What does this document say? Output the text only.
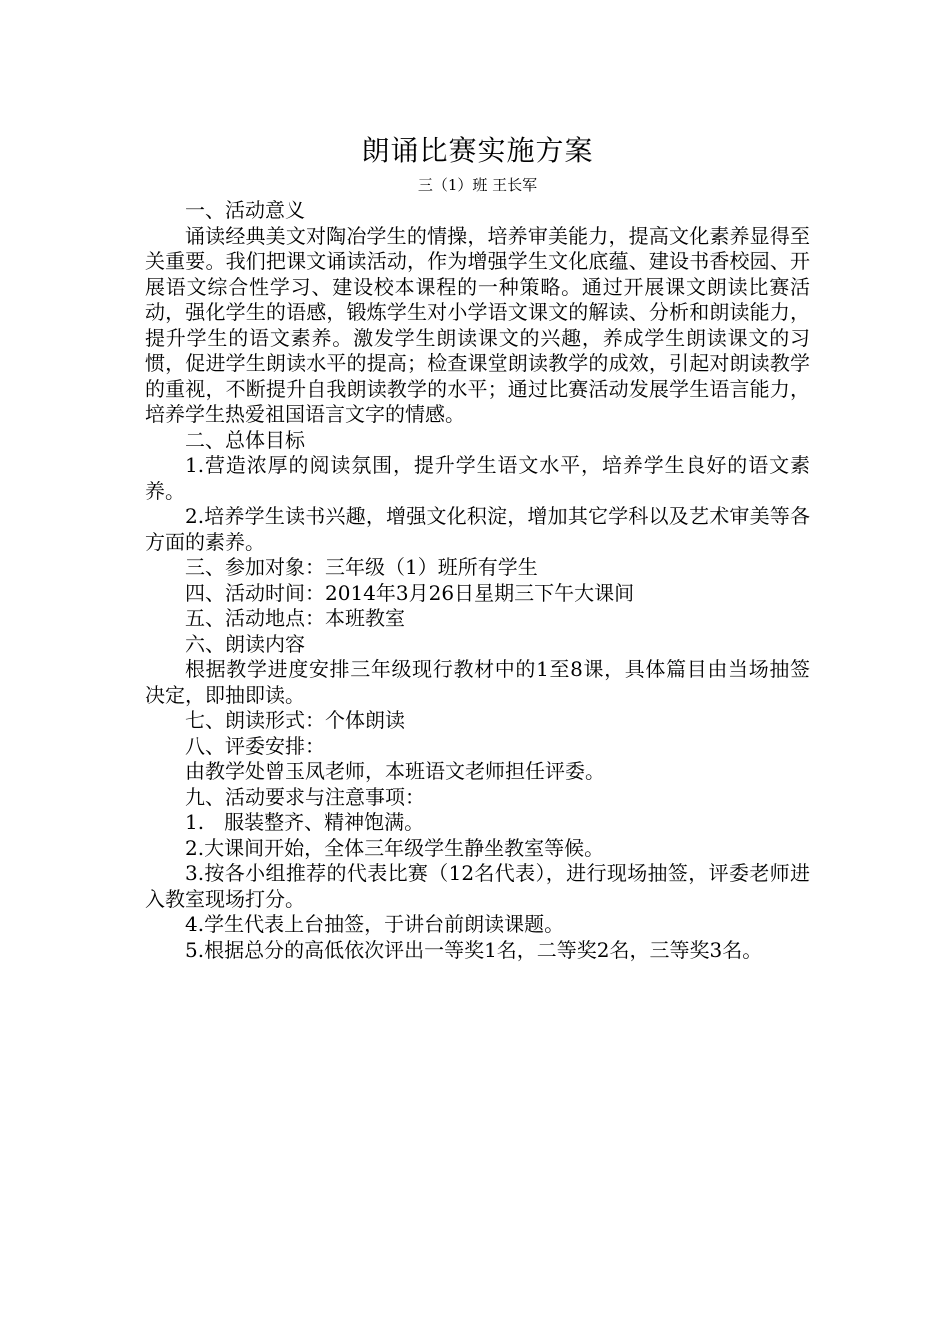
朗诵比赛实施方案
三（1）班 王长军

一、活动意义

诵读经典美文对陶冶学生的情操，培养审美能力，提高文化素养显得至关重要。我们把课文诵读活动，作为增强学生文化底蕴、建设书香校园、开展语文综合性学习、建设校本课程的一种策略。通过开展课文朗读比赛活动，强化学生的语感，锻炼学生对小学语文课文的解读、分析和朗读能力，提升学生的语文素养。激发学生朗读课文的兴趣，养成学生朗读课文的习惯，促进学生朗读水平的提高；检查课堂朗读教学的成效，引起对朗读教学的重视，不断提升自我朗读教学的水平；通过比赛活动发展学生语言能力，培养学生热爱祖国语言文字的情感。

二、总体目标

1.营造浓厚的阅读氛围，提升学生语文水平，培养学生良好的语文素养。

2.培养学生读书兴趣，增强文化积淀，增加其它学科以及艺术审美等各方面的素养。

三、参加对象：三年级（1）班所有学生

四、活动时间：2014年3月26日星期三下午大课间

五、活动地点：本班教室

六、朗读内容

根据教学进度安排三年级现行教材中的1至8课，具体篇目由当场抽签决定，即抽即读。

七、朗读形式：个体朗读

八、评委安排：

由教学处曾玉凤老师，本班语文老师担任评委。

九、活动要求与注意事项：

1.　服装整齐、精神饱满。

2.大课间开始，全体三年级学生静坐教室等候。

3.按各小组推荐的代表比赛（12名代表），进行现场抽签，评委老师进入教室现场打分。

4.学生代表上台抽签，于讲台前朗读课题。

5.根据总分的高低依次评出一等奖1名，二等奖2名，三等奖3名。
